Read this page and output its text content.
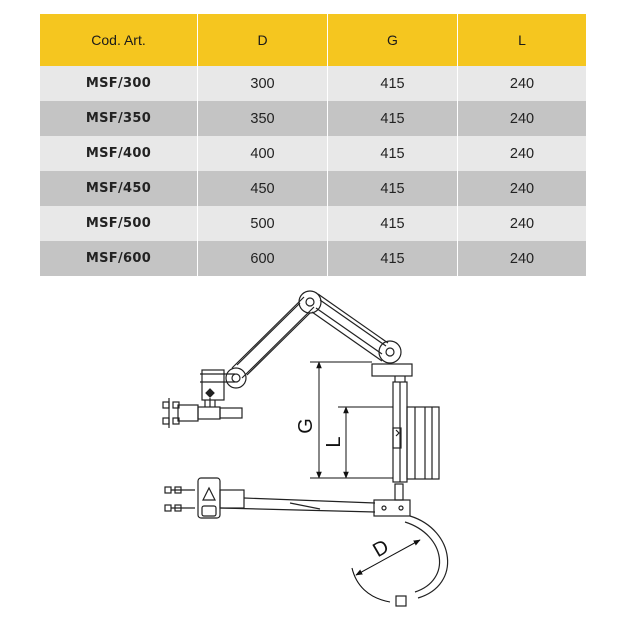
Cod. Art.	D	G	L
MSF/300	300	415	240
MSF/350	350	415	240
MSF/400	400	415	240
MSF/450	450	415	240
MSF/500	500	415	240
MSF/600	600	415	240
G
L
D
